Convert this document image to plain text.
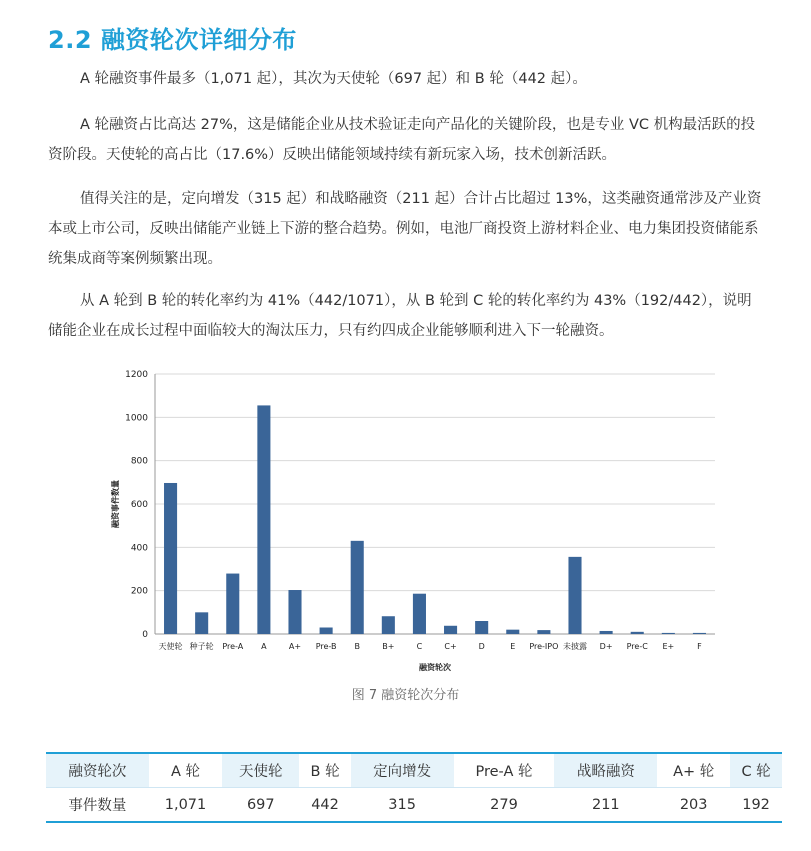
2.2 融资轮次详细分布

A 轮融资事件最多（1,071 起），其次为天使轮（697 起）和 B 轮（442 起）。

A 轮融资占比高达 27%，这是储能企业从技术验证走向产品化的关键阶段，也是专业 VC 机构最活跃的投资阶段。天使轮的高占比（17.6%）反映出储能领域持续有新玩家入场，技术创新活跃。

值得关注的是，定向增发（315 起）和战略融资（211 起）合计占比超过 13%，这类融资通常涉及产业资本或上市公司，反映出储能产业链上下游的整合趋势。例如，电池厂商投资上游材料企业、电力集团投资储能系统集成商等案例频繁出现。

从 A 轮到 B 轮的转化率约为 41%（442/1071），从 B 轮到 C 轮的转化率约为 43%（192/442），说明储能企业在成长过程中面临较大的淘汰压力，只有约四成企业能够顺利进入下一轮融资。

0
200
400
600
800
1000
1200
天使轮 种子轮 Pre-A A	A+ Pre-B B	B+	C	C+	D	E Pre-IPO 未披露 D+ Pre-C E+	F
融资轮次
融资事件数量
图 7 融资轮次分布
融资轮次	A 轮	天使轮	B 轮	定向增发	Pre-A 轮	战略融资	A+ 轮	C 轮
事件数量	1,071	697	442	315	279	211	203	192
